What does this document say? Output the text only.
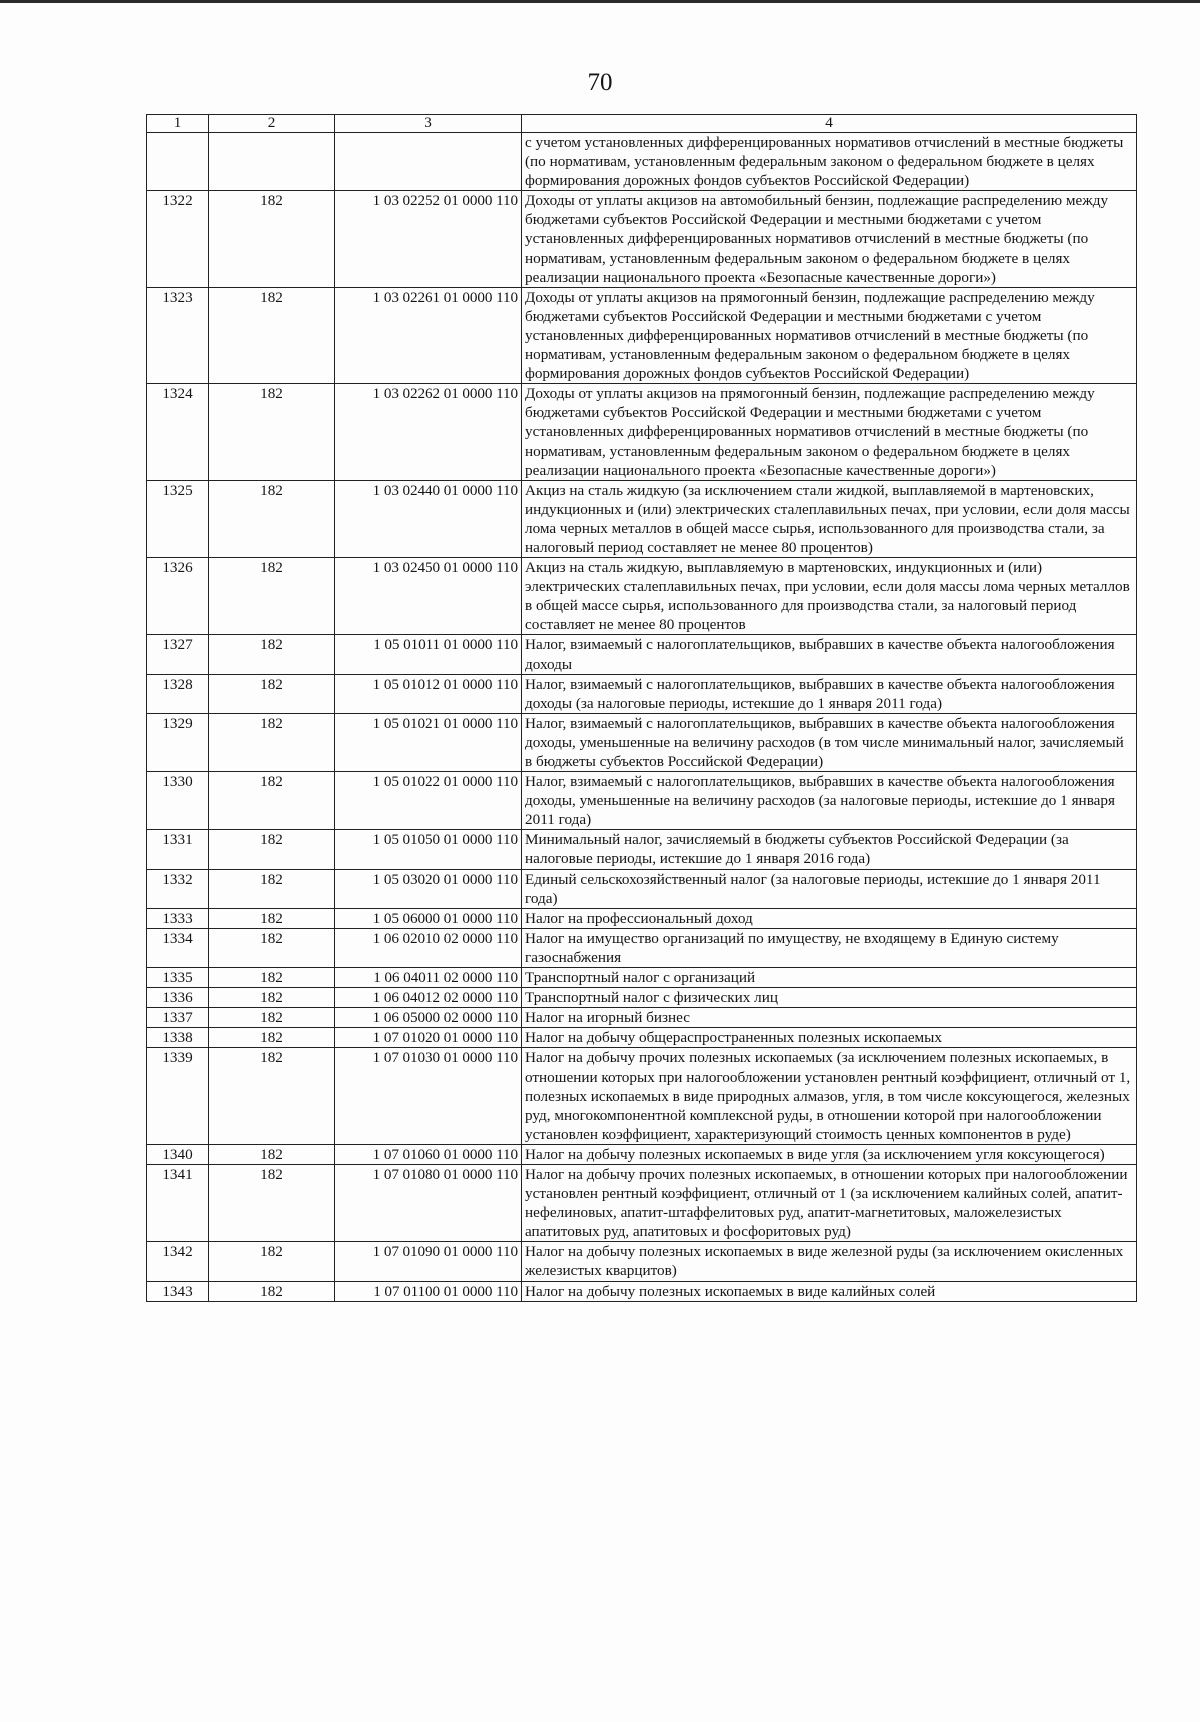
70
1	2	3	4
			с учетом установленных дифференцированных нормативов отчислений в местные бюджеты (по нормативам, установленным федеральным законом о федеральном бюджете в целях формирования дорожных фондов субъектов Российской Федерации)
1322	182	1 03 02252 01 0000 110	Доходы от уплаты акцизов на автомобильный бензин, подлежащие распределению между бюджетами субъектов Российской Федерации и местными бюджетами с учетом установленных дифференцированных нормативов отчислений в местные бюджеты (по нормативам, установленным федеральным законом о федеральном бюджете в целях реализации национального проекта «Безопасные качественные дороги»)
1323	182	1 03 02261 01 0000 110	Доходы от уплаты акцизов на прямогонный бензин, подлежащие распределению между бюджетами субъектов Российской Федерации и местными бюджетами с учетом установленных дифференцированных нормативов отчислений в местные бюджеты (по нормативам, установленным федеральным законом о федеральном бюджете в целях формирования дорожных фондов субъектов Российской Федерации)
1324	182	1 03 02262 01 0000 110	Доходы от уплаты акцизов на прямогонный бензин, подлежащие распределению между бюджетами субъектов Российской Федерации и местными бюджетами с учетом установленных дифференцированных нормативов отчислений в местные бюджеты (по нормативам, установленным федеральным законом о федеральном бюджете в целях реализации национального проекта «Безопасные качественные дороги»)
1325	182	1 03 02440 01 0000 110	Акциз на сталь жидкую (за исключением стали жидкой, выплавляемой в мартеновских, индукционных и (или) электрических сталеплавильных печах, при условии, если доля массы лома черных металлов в общей массе сырья, использованного для производства стали, за налоговый период составляет не менее 80 процентов)
1326	182	1 03 02450 01 0000 110	Акциз на сталь жидкую, выплавляемую в мартеновских, индукционных и (или) электрических сталеплавильных печах, при условии, если доля массы лома черных металлов в общей массе сырья, использованного для производства стали, за налоговый период составляет не менее 80 процентов
1327	182	1 05 01011 01 0000 110	Налог, взимаемый с налогоплательщиков, выбравших в качестве объекта налогообложения доходы
1328	182	1 05 01012 01 0000 110	Налог, взимаемый с налогоплательщиков, выбравших в качестве объекта налогообложения доходы (за налоговые периоды, истекшие до 1 января 2011 года)
1329	182	1 05 01021 01 0000 110	Налог, взимаемый с налогоплательщиков, выбравших в качестве объекта налогообложения доходы, уменьшенные на величину расходов (в том числе минимальный налог, зачисляемый в бюджеты субъектов Российской Федерации)
1330	182	1 05 01022 01 0000 110	Налог, взимаемый с налогоплательщиков, выбравших в качестве объекта налогообложения доходы, уменьшенные на величину расходов (за налоговые периоды, истекшие до 1 января 2011 года)
1331	182	1 05 01050 01 0000 110	Минимальный налог, зачисляемый в бюджеты субъектов Российской Федерации (за налоговые периоды, истекшие до 1 января 2016 года)
1332	182	1 05 03020 01 0000 110	Единый сельскохозяйственный налог (за налоговые периоды, истекшие до 1 января 2011 года)
1333	182	1 05 06000 01 0000 110	Налог на профессиональный доход
1334	182	1 06 02010 02 0000 110	Налог на имущество организаций по имуществу, не входящему в Единую систему газоснабжения
1335	182	1 06 04011 02 0000 110	Транспортный налог с организаций
1336	182	1 06 04012 02 0000 110	Транспортный налог с физических лиц
1337	182	1 06 05000 02 0000 110	Налог на игорный бизнес
1338	182	1 07 01020 01 0000 110	Налог на добычу общераспространенных полезных ископаемых
1339	182	1 07 01030 01 0000 110	Налог на добычу прочих полезных ископаемых (за исключением полезных ископаемых, в отношении которых при налогообложении установлен рентный коэффициент, отличный от 1, полезных ископаемых в виде природных алмазов, угля, в том числе коксующегося, железных руд, многокомпонентной комплексной руды, в отношении которой при налогообложении установлен коэффициент, характеризующий стоимость ценных компонентов в руде)
1340	182	1 07 01060 01 0000 110	Налог на добычу полезных ископаемых в виде угля (за исключением угля коксующегося)
1341	182	1 07 01080 01 0000 110	Налог на добычу прочих полезных ископаемых, в отношении которых при налогообложении установлен рентный коэффициент, отличный от 1 (за исключением калийных солей, апатит-нефелиновых, апатит-штаффелитовых руд, апатит-магнетитовых, маложелезистых апатитовых руд, апатитовых и фосфоритовых руд)
1342	182	1 07 01090 01 0000 110	Налог на добычу полезных ископаемых в виде железной руды (за исключением окисленных железистых кварцитов)
1343	182	1 07 01100 01 0000 110	Налог на добычу полезных ископаемых в виде калийных солей
